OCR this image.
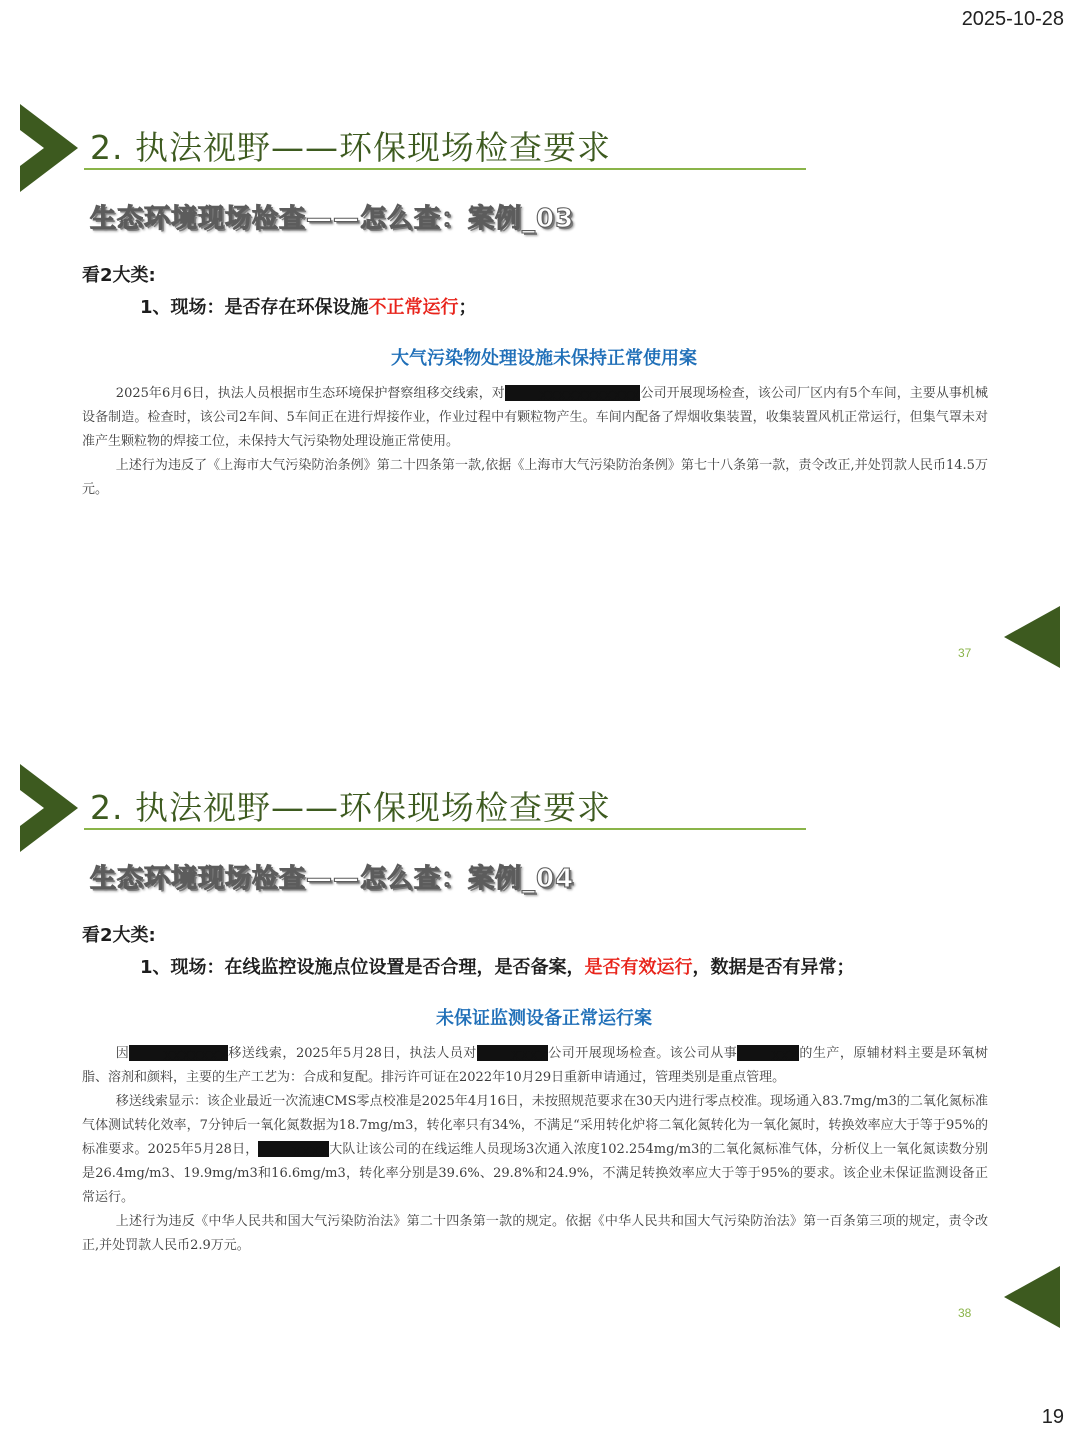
2025-10-28
2. 执法视野——环保现场检查要求
生态环境现场检查——怎么查：案例_03
看2大类:
1、现场：是否存在环保设施不正常运行；
大气污染物处理设施未保持正常使用案

2025年6月6日，执法人员根据市生态环境保护督察组移交线索，对	XXXXXXXXXXX公司开展现场检查，该公司厂区内有5个车间，主要从事机械设备制造。检查时，该公司2车间、5车间正在进行焊接作业，作业过程中有颗粒物产生。车间内配备了焊烟收集装置，收集装置风机正常运行，但集气罩未对准产生颗粒物的焊接工位，未保持大气污染物处理设施正常使用。

上述行为违反了《上海市大气污染防治条例》第二十四条第一款,依据《上海市大气污染防治条例》第七十八条第一款，责令改正,并处罚款人民币14.5万元。

37
2. 执法视野——环保现场检查要求
生态环境现场检查——怎么查：案例_04
看2大类:
1、现场：在线监控设施点位设置是否合理，是否备案，是否有效运行，数据是否有异常；
未保证监测设备正常运行案

因	XXXXXXX移送线索，2025年5月28日，执法人员对	XXXX公司开展现场检查。该公司从事	XXX的生产，原辅材料主要是环氧树脂、溶剂和颜料，主要的生产工艺为：合成和复配。排污许可证在2022年10月29日重新申请通过，管理类别是重点管理。

移送线索显示：该企业最近一次流速CMS零点校准是2025年4月16日，未按照规范要求在30天内进行零点校准。现场通入83.7mg/m3的二氧化氮标准气体测试转化效率，7分钟后一氧化氮数据为18.7mg/m3，转化率只有34%，不满足“采用转化炉将二氧化氮转化为一氧化氮时，转换效率应大于等于95%的标准要求。2025年5月28日，	XXXX大队让该公司的在线运维人员现场3次通入浓度102.254mg/m3的二氧化氮标准气体，分析仪上一氧化氮读数分别是26.4mg/m3、19.9mg/m3和16.6mg/m3，转化率分别是39.6%、29.8%和24.9%，不满足转换效率应大于等于95%的要求。该企业未保证监测设备正常运行。

上述行为违反《中华人民共和国大气污染防治法》第二十四条第一款的规定。依据《中华人民共和国大气污染防治法》第一百条第三项的规定，责令改正,并处罚款人民币2.9万元。

38
19
